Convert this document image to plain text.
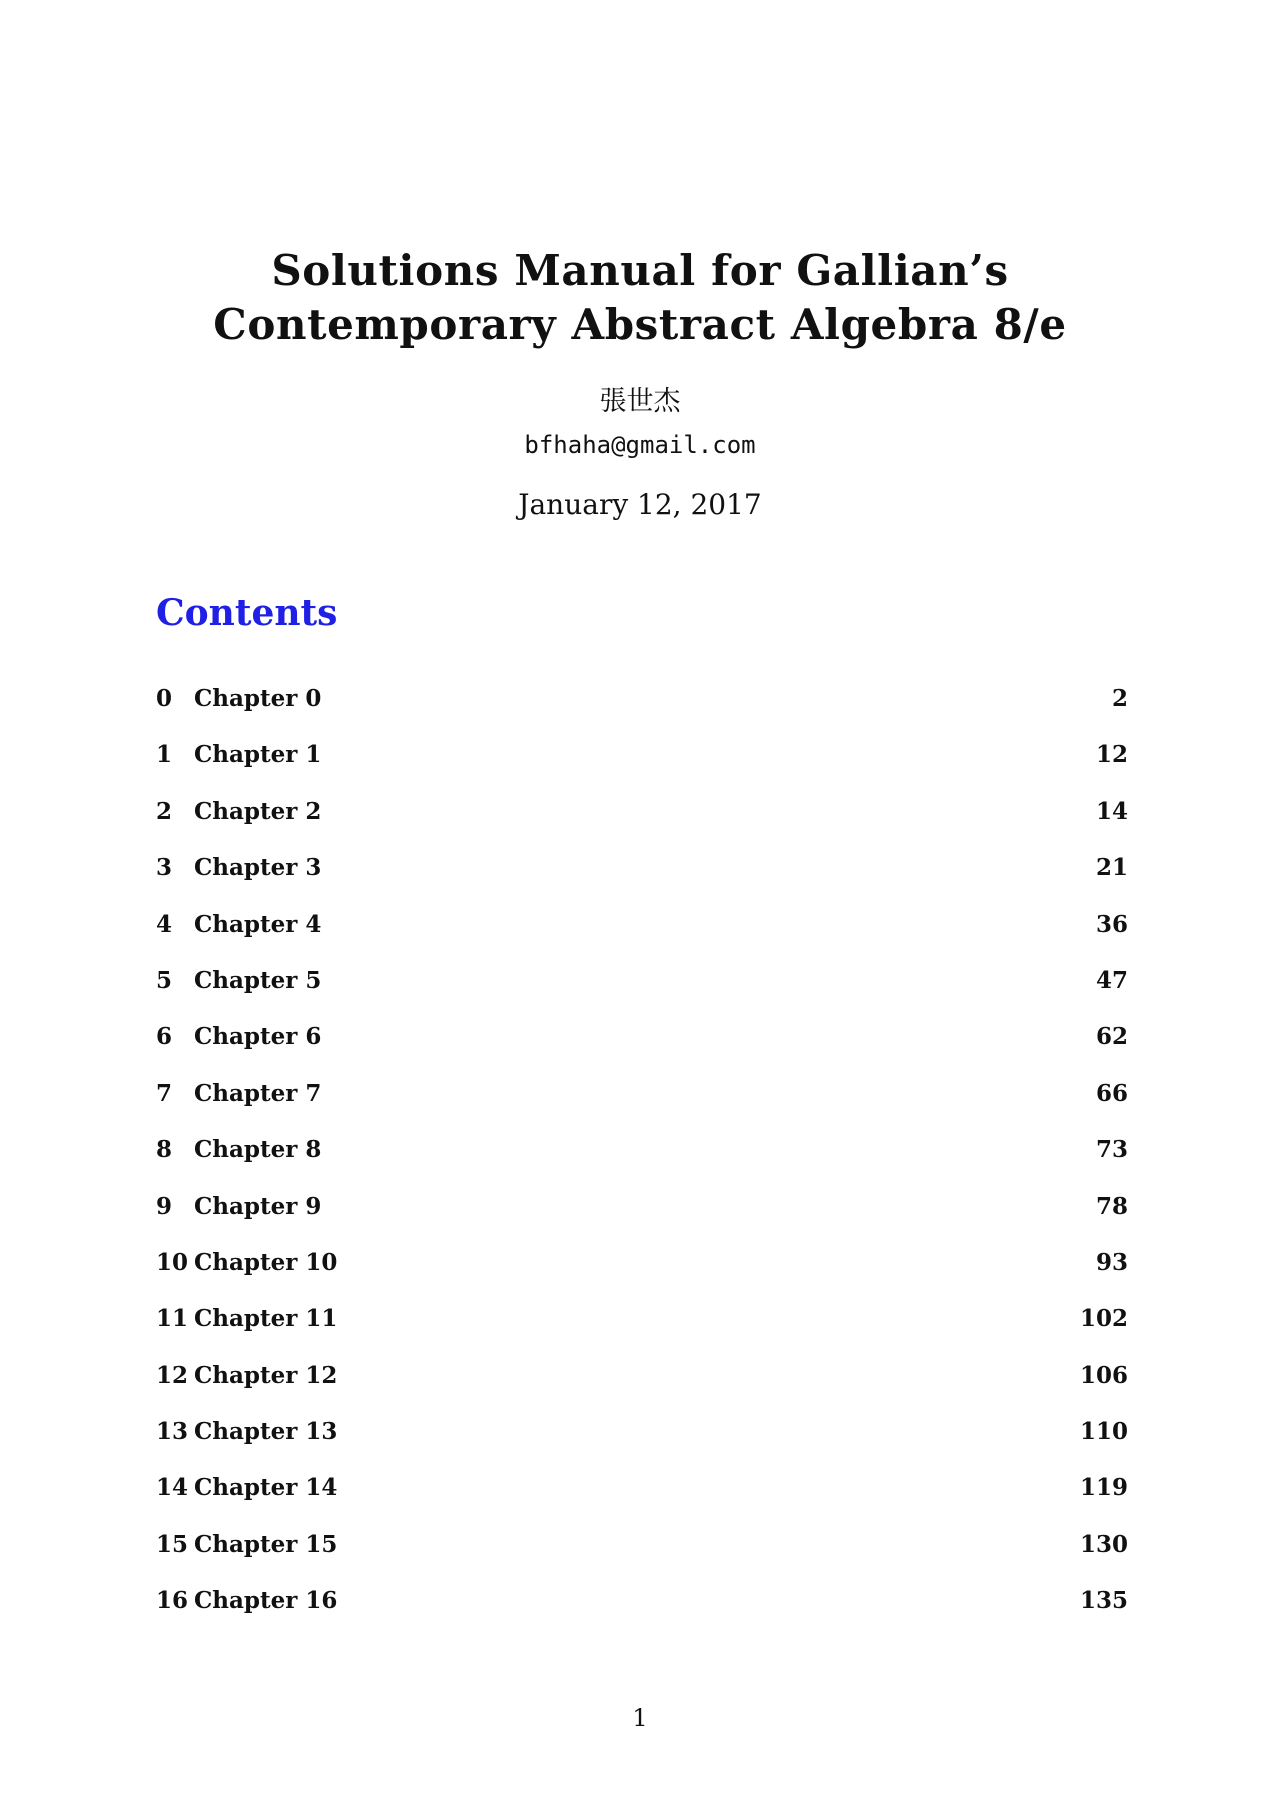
Solutions Manual for Gallian’s
Contemporary Abstract Algebra 8/e
張世杰
bfhaha@gmail.com
January 12, 2017
Contents
0 Chapter 0	2
1 Chapter 1	12
2 Chapter 2	14
3 Chapter 3	21
4 Chapter 4	36
5 Chapter 5	47
6 Chapter 6	62
7 Chapter 7	66
8 Chapter 8	73
9 Chapter 9	78
10 Chapter 10	93
11 Chapter 11	102
12 Chapter 12	106
13 Chapter 13	110
14 Chapter 14	119
15 Chapter 15	130
16 Chapter 16	135
1
